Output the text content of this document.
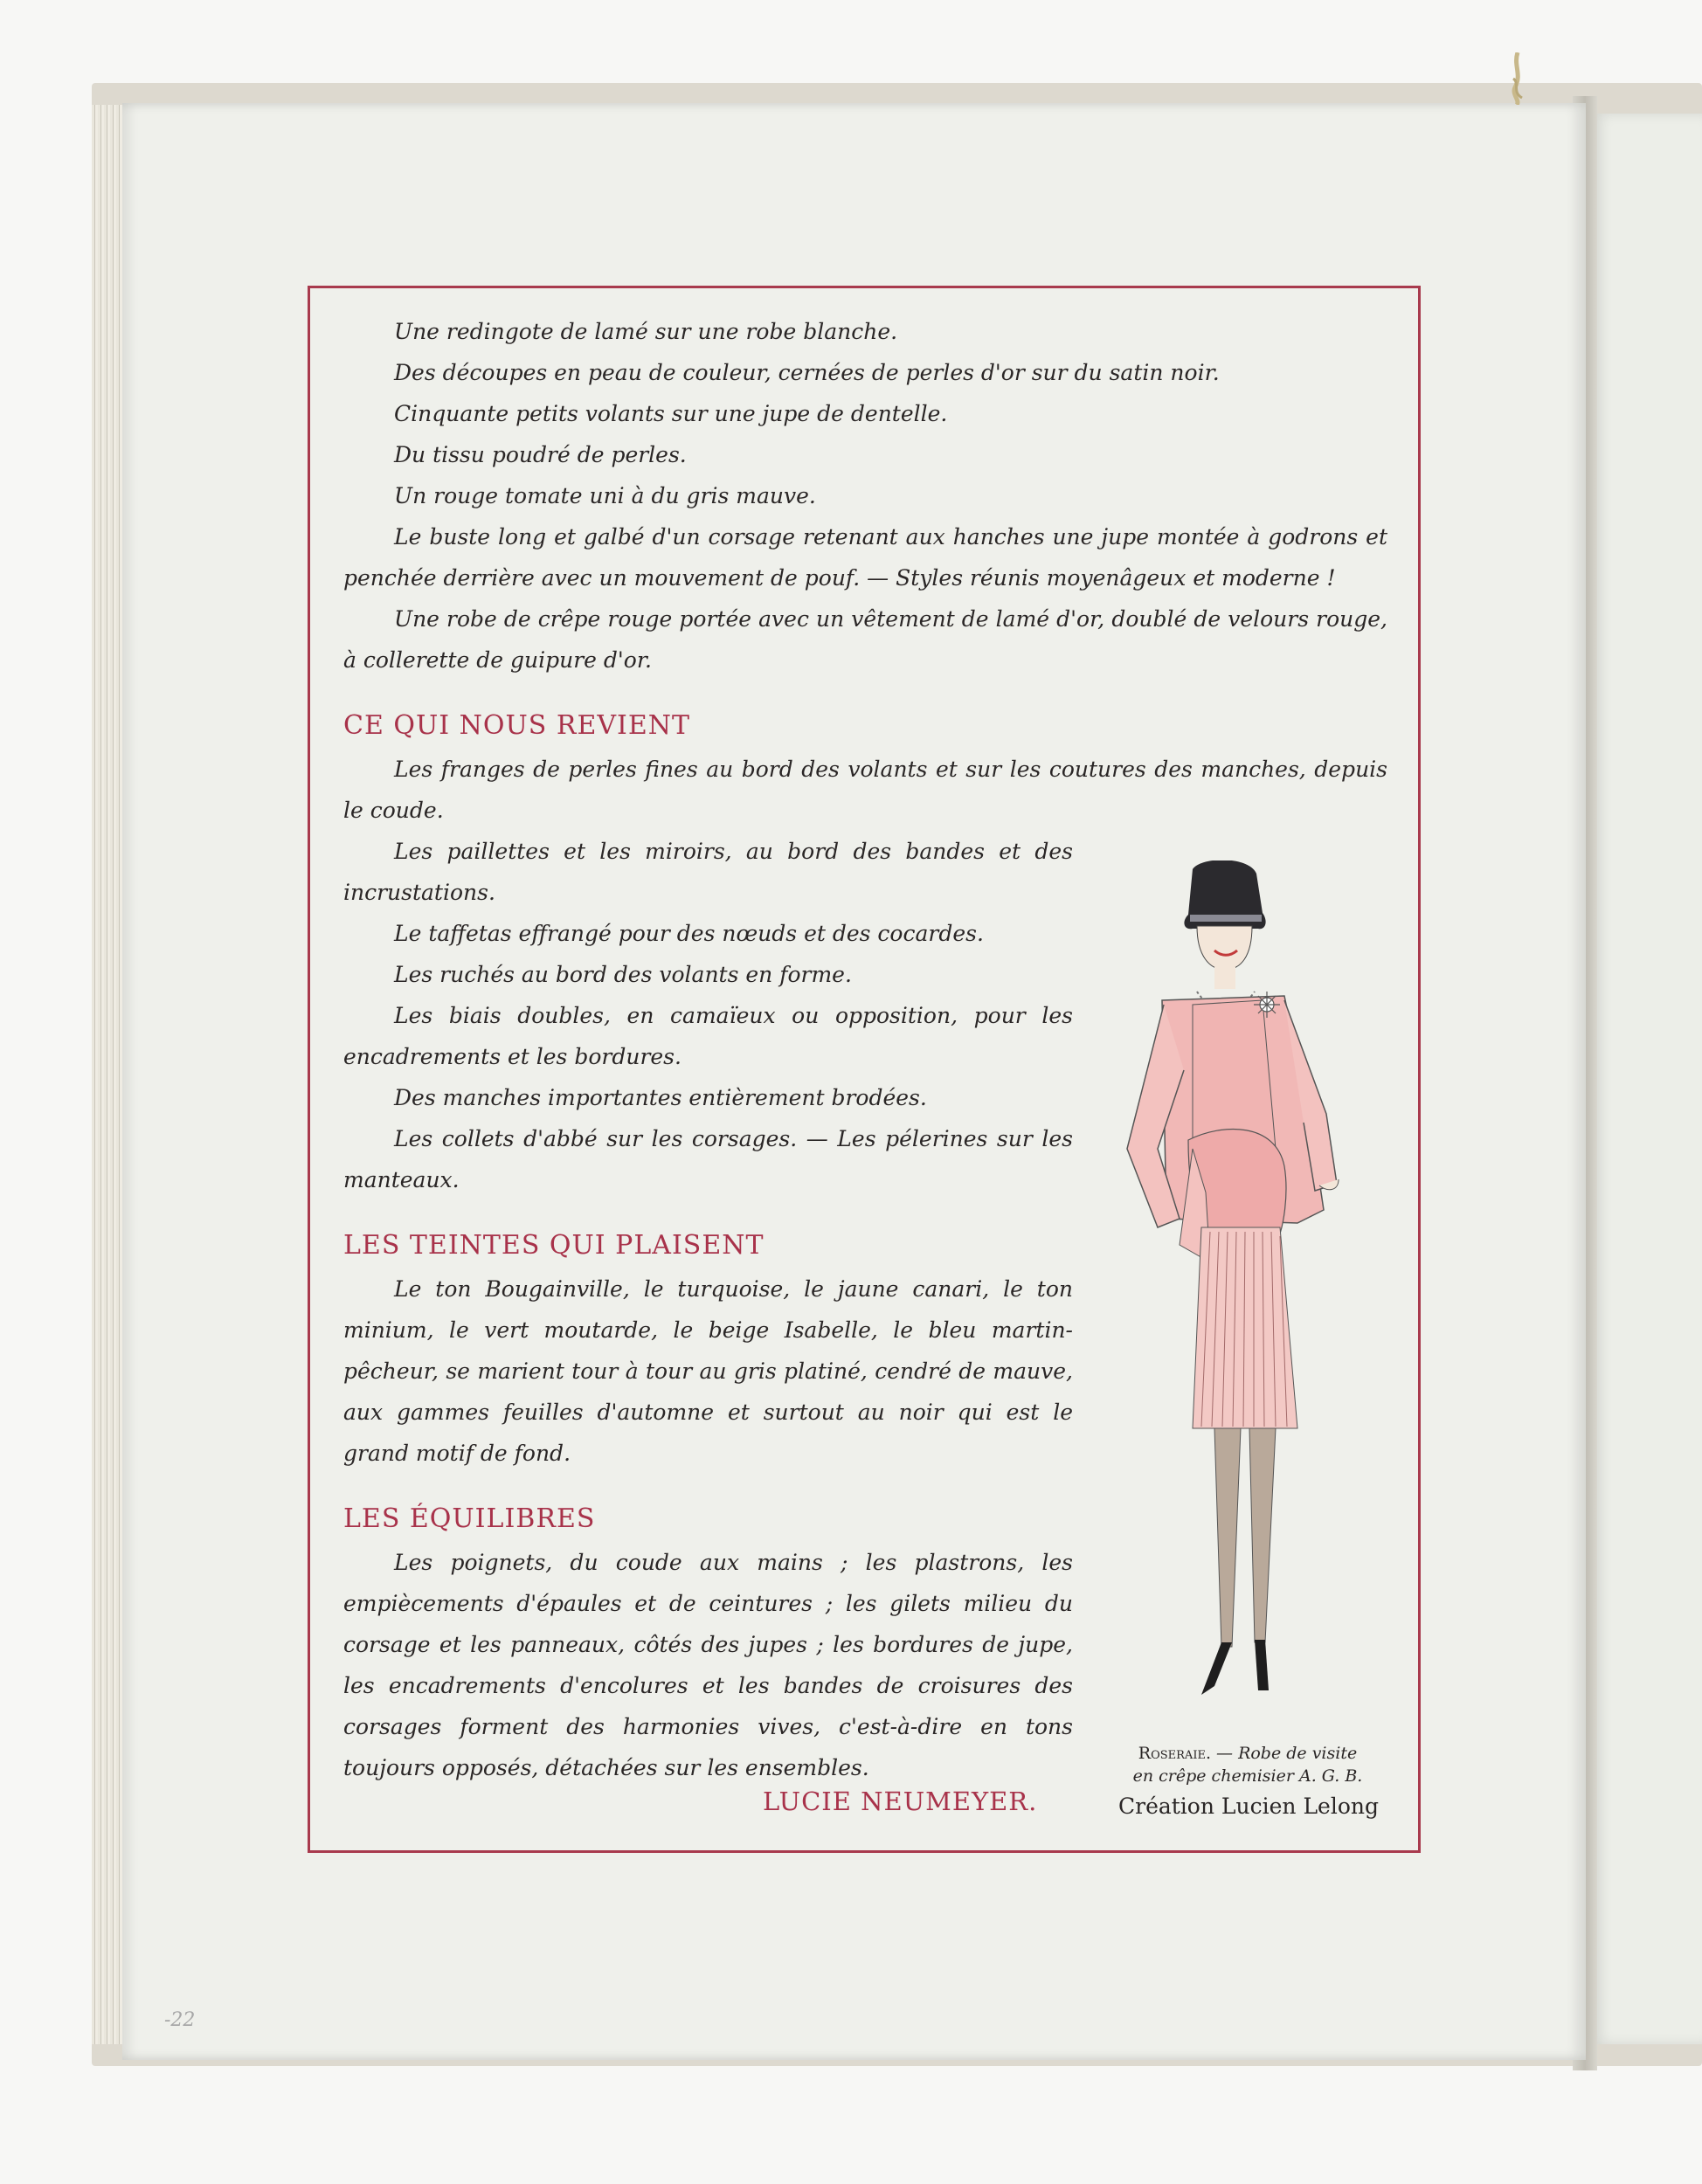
Une redingote de lamé sur une robe blanche.

Des découpes en peau de couleur, cernées de perles d'or sur du satin noir.

Cinquante petits volants sur une jupe de dentelle.

Du tissu poudré de perles.

Un rouge tomate uni à du gris mauve.

Le buste long et galbé d'un corsage retenant aux hanches une jupe montée à godrons et penchée derrière avec un mouvement de pouf. — Styles réunis moyenâgeux et moderne !

Une robe de crêpe rouge portée avec un vêtement de lamé d'or, doublé de velours rouge, à collerette de guipure d'or.

CE QUI NOUS REVIENT

Les franges de perles fines au bord des volants et sur les coutures des manches, depuis le coude.

Les paillettes et les miroirs, au bord des bandes et des incrustations.

Le taffetas effrangé pour des nœuds et des cocardes.

Les ruchés au bord des volants en forme.

Les biais doubles, en camaïeux ou opposition, pour les encadrements et les bordures.

Des manches importantes entièrement brodées.

Les collets d'abbé sur les corsages. — Les pélerines sur les manteaux.

LES TEINTES QUI PLAISENT

Le ton Bougainville, le turquoise, le jaune canari, le ton minium, le vert moutarde, le beige Isabelle, le bleu martin-pêcheur, se marient tour à tour au gris platiné, cendré de mauve, aux gammes feuilles d'automne et surtout au noir qui est le grand motif de fond.

LES ÉQUILIBRES

Les poignets, du coude aux mains ; les plastrons, les empiècements d'épaules et de ceintures ; les gilets milieu du corsage et les panneaux, côtés des jupes ; les bordures de jupe, les encadrements d'encolures et les bandes de croisures des corsages forment des harmonies vives, c'est-à-dire en tons toujours opposés, détachées sur les ensembles.

LUCIE NEUMEYER.
Roseraie. — Robe de visite
en crêpe chemisier A. G. B.
Création Lucien Lelong
-22
